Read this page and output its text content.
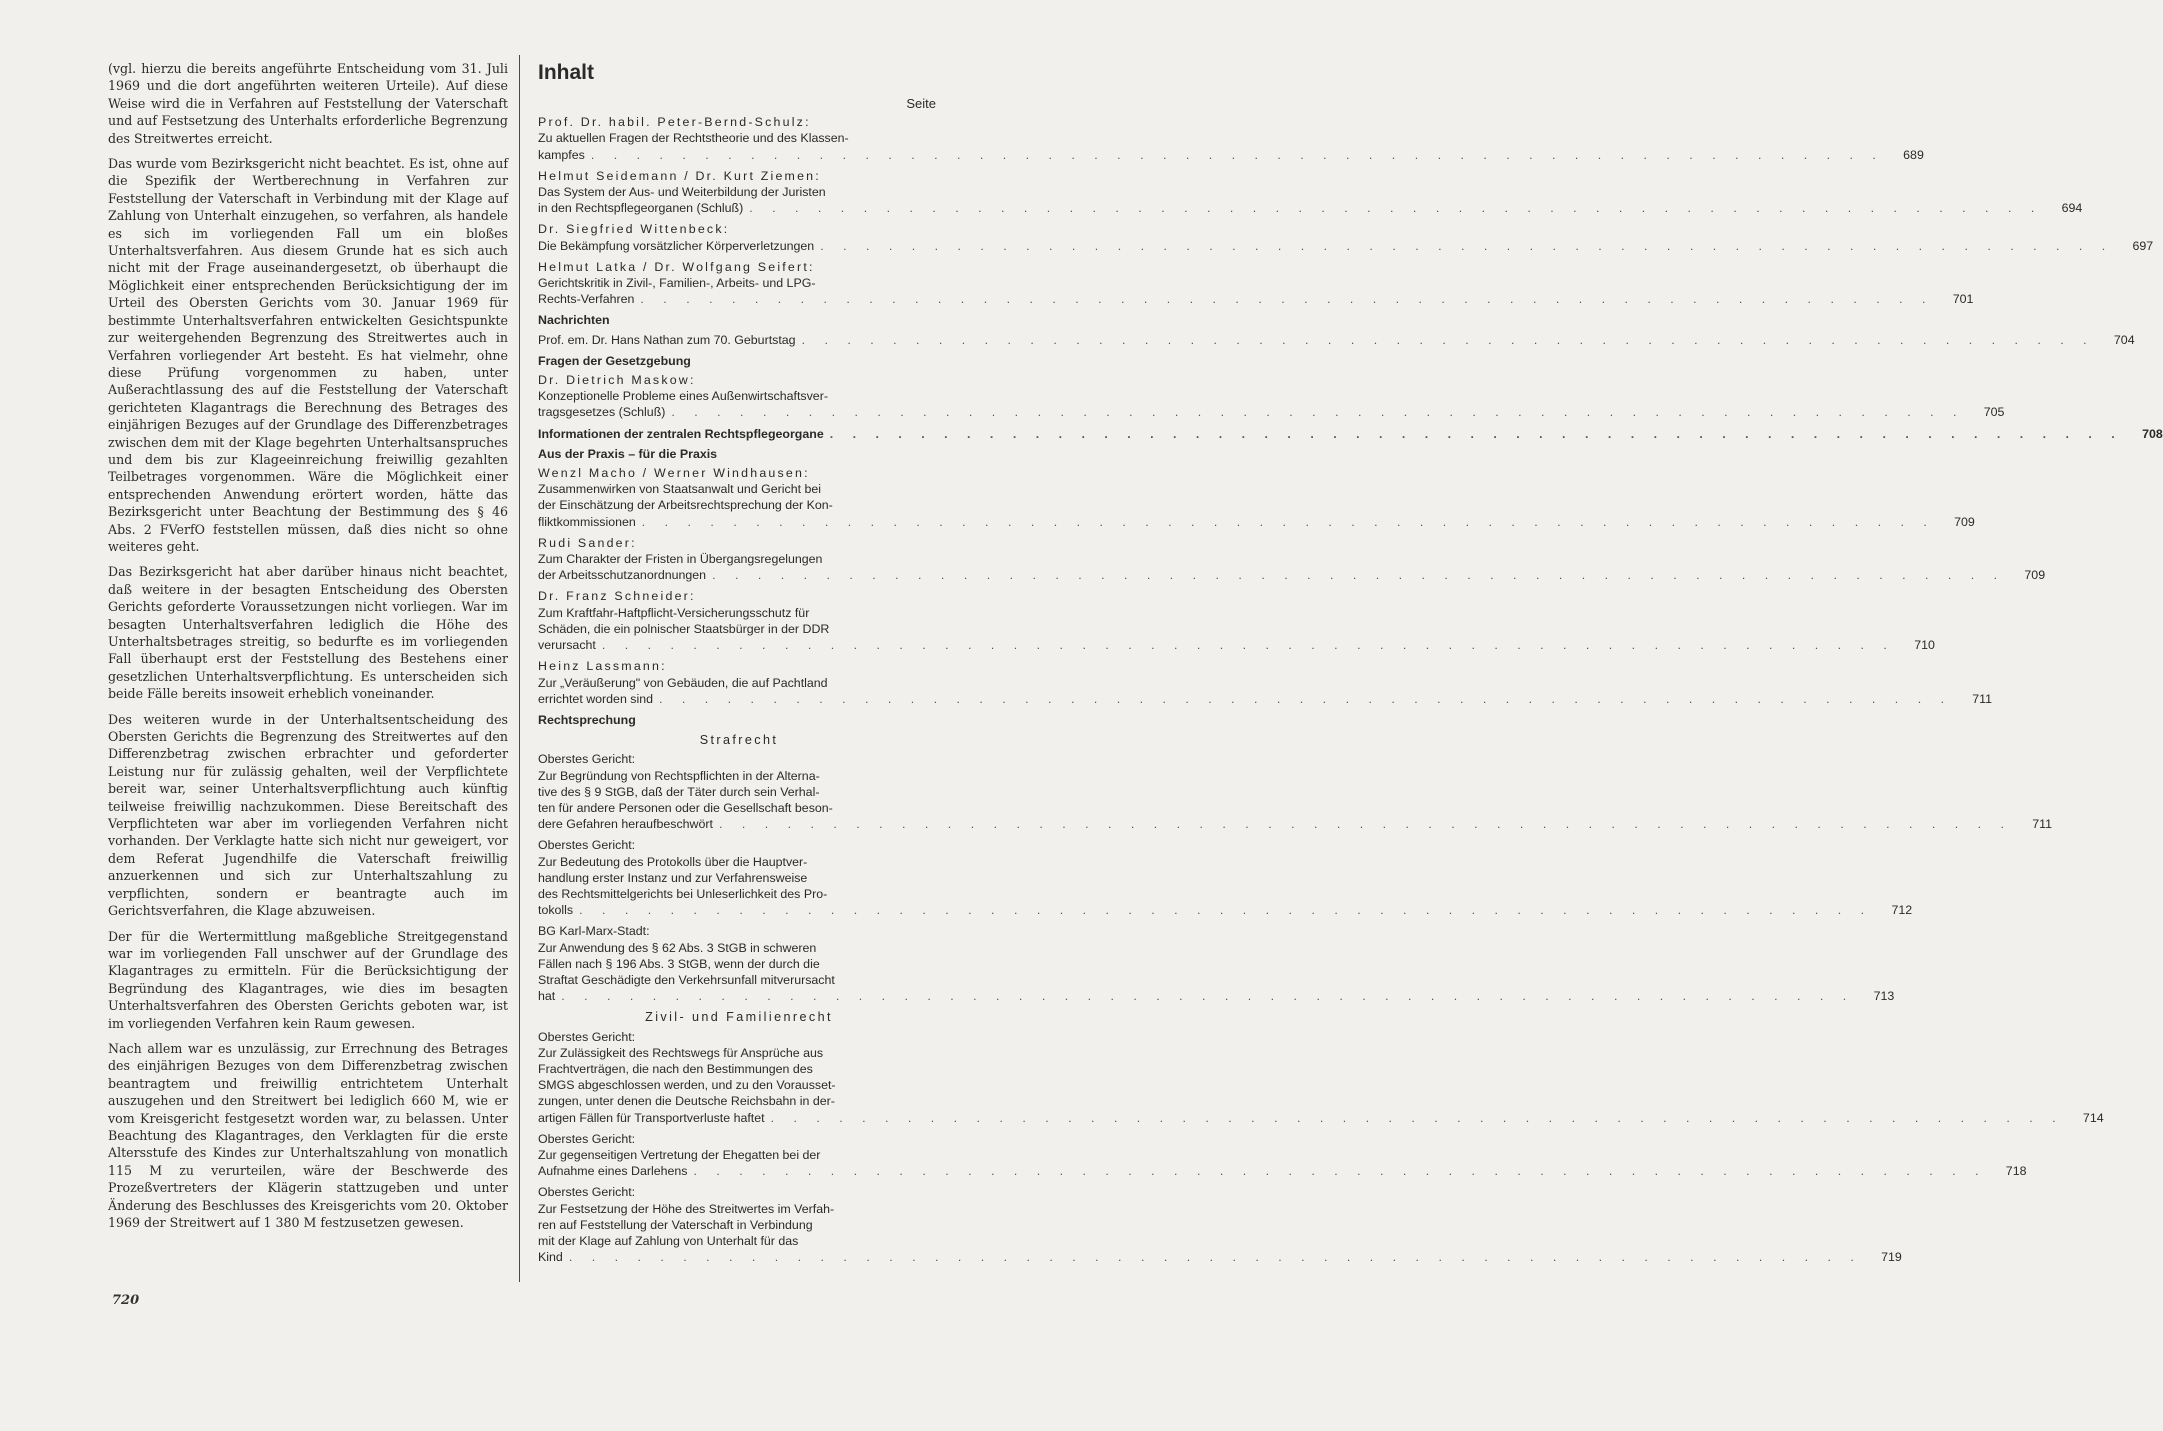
(vgl. hierzu die bereits angeführte Entscheidung vom 31. Juli 1969 und die dort angeführten weiteren Urteile). Auf diese Weise wird die in Verfahren auf Feststellung der Vaterschaft und auf Festsetzung des Unterhalts erforderliche Begrenzung des Streitwertes erreicht.

Das wurde vom Bezirksgericht nicht beachtet. Es ist, ohne auf die Spezifik der Wertberechnung in Verfahren zur Feststellung der Vaterschaft in Verbindung mit der Klage auf Zahlung von Unterhalt einzugehen, so verfahren, als handele es sich im vorliegenden Fall um ein bloßes Unterhaltsverfahren. Aus diesem Grunde hat es sich auch nicht mit der Frage auseinandergesetzt, ob überhaupt die Möglichkeit einer entsprechenden Berücksichtigung der im Urteil des Obersten Gerichts vom 30. Januar 1969 für bestimmte Unterhaltsverfahren entwickelten Gesichtspunkte zur weitergehenden Begrenzung des Streitwertes auch in Verfahren vorliegender Art besteht. Es hat vielmehr, ohne diese Prüfung vorgenommen zu haben, unter Außerachtlassung des auf die Feststellung der Vaterschaft gerichteten Klagantrags die Berechnung des Betrages des einjährigen Bezuges auf der Grundlage des Differenzbetrages zwischen dem mit der Klage begehrten Unterhaltsanspruches und dem bis zur Klageeinreichung freiwillig gezahlten Teilbetrages vorgenommen. Wäre die Möglichkeit einer entsprechenden Anwendung erörtert worden, hätte das Bezirksgericht unter Beachtung der Bestimmung des § 46 Abs. 2 FVerfO feststellen müssen, daß dies nicht so ohne weiteres geht.

Das Bezirksgericht hat aber darüber hinaus nicht beachtet, daß weitere in der besagten Entscheidung des Obersten Gerichts geforderte Voraussetzungen nicht vorliegen. War im besagten Unterhaltsverfahren lediglich die Höhe des Unterhaltsbetrages streitig, so bedurfte es im vorliegenden Fall überhaupt erst der Feststellung des Bestehens einer gesetzlichen Unterhaltsverpflichtung. Es unterscheiden sich beide Fälle bereits insoweit erheblich voneinander.

Des weiteren wurde in der Unterhaltsentscheidung des Obersten Gerichts die Begrenzung des Streitwertes auf den Differenzbetrag zwischen erbrachter und geforderter Leistung nur für zulässig gehalten, weil der Verpflichtete bereit war, seiner Unterhaltsverpflichtung auch künftig teilweise freiwillig nachzukommen. Diese Bereitschaft des Verpflichteten war aber im vorliegenden Verfahren nicht vorhanden. Der Verklagte hatte sich nicht nur geweigert, vor dem Referat Jugendhilfe die Vaterschaft freiwillig anzuerkennen und sich zur Unterhaltszahlung zu verpflichten, sondern er beantragte auch im Gerichtsverfahren, die Klage abzuweisen.

Der für die Wertermittlung maßgebliche Streitgegenstand war im vorliegenden Fall unschwer auf der Grundlage des Klagantrages zu ermitteln. Für die Berücksichtigung der Begründung des Klagantrages, wie dies im besagten Unterhaltsverfahren des Obersten Gerichts geboten war, ist im vorliegenden Verfahren kein Raum gewesen.

Nach allem war es unzulässig, zur Errechnung des Betrages des einjährigen Bezuges von dem Differenzbetrag zwischen beantragtem und freiwillig entrichtetem Unterhalt auszugehen und den Streitwert bei lediglich 660 M, wie er vom Kreisgericht festgesetzt worden war, zu belassen. Unter Beachtung des Klagantrages, den Verklagten für die erste Altersstufe des Kindes zur Unterhaltszahlung von monatlich 115 M zu verurteilen, wäre der Beschwerde des Prozeßvertreters der Klägerin stattzugeben und unter Änderung des Beschlusses des Kreisgerichts vom 20. Oktober 1969 der Streitwert auf 1 380 M festzusetzen gewesen.

720
Inhalt
Seite
Prof. Dr. habil. Peter-Bernd-Schulz:
Zu aktuellen Fragen der Rechtstheorie und des Klassen-
kampfes . . . . . . . . . . . . . . . . . . . . . . . . . . . . . . . . . . . . . . . . . . . . . . . . . . . . . . . . .	689
Helmut Seidemann / Dr. Kurt Ziemen:
Das System der Aus- und Weiterbildung der Juristen
in den Rechtspflegeorganen (Schluß) . . . . . . . . . . . . . . . . . . . . . . . . . . . . . . . . . . . . . . . . . . . . . . . . . . . . . . . . .	694
Dr. Siegfried Wittenbeck:
Die Bekämpfung vorsätzlicher Körperverletzungen . . . . . . . . . . . . . . . . . . . . . . . . . . . . . . . . . . . . . . . . . . . . . . . . . . . . . . . . .	697
Helmut Latka / Dr. Wolfgang Seifert:
Gerichtskritik in Zivil-, Familien-, Arbeits- und LPG-
Rechts-Verfahren . . . . . . . . . . . . . . . . . . . . . . . . . . . . . . . . . . . . . . . . . . . . . . . . . . . . . . . . .	701
Nachrichten
Prof. em. Dr. Hans Nathan zum 70. Geburtstag . . . . . . . . . . . . . . . . . . . . . . . . . . . . . . . . . . . . . . . . . . . . . . . . . . . . . . . . .	704
Fragen der Gesetzgebung
Dr. Dietrich Maskow:
Konzeptionelle Probleme eines Außenwirtschaftsver-
tragsgesetzes (Schluß) . . . . . . . . . . . . . . . . . . . . . . . . . . . . . . . . . . . . . . . . . . . . . . . . . . . . . . . . .	705
Informationen der zentralen Rechtspflegeorgane . . . . . . . . . . . . . . . . . . . . . . . . . . . . . . . . . . . . . . . . . . . . . . . . . . . . . . . . .	708
Aus der Praxis – für die Praxis
Wenzl Macho / Werner Windhausen:
Zusammenwirken von Staatsanwalt und Gericht bei
der Einschätzung der Arbeitsrechtsprechung der Kon-
fliktkommissionen . . . . . . . . . . . . . . . . . . . . . . . . . . . . . . . . . . . . . . . . . . . . . . . . . . . . . . . . .	709
Rudi Sander:
Zum Charakter der Fristen in Übergangsregelungen
der Arbeitsschutzanordnungen . . . . . . . . . . . . . . . . . . . . . . . . . . . . . . . . . . . . . . . . . . . . . . . . . . . . . . . . .	709
Dr. Franz Schneider:
Zum Kraftfahr-Haftpflicht-Versicherungsschutz für
Schäden, die ein polnischer Staatsbürger in der DDR
verursacht . . . . . . . . . . . . . . . . . . . . . . . . . . . . . . . . . . . . . . . . . . . . . . . . . . . . . . . . .	710
Heinz Lassmann:
Zur „Veräußerung" von Gebäuden, die auf Pachtland
errichtet worden sind . . . . . . . . . . . . . . . . . . . . . . . . . . . . . . . . . . . . . . . . . . . . . . . . . . . . . . . . .	711
Rechtsprechung
Strafrecht
Oberstes Gericht:
Zur Begründung von Rechtspflichten in der Alterna-
tive des § 9 StGB, daß der Täter durch sein Verhal-
ten für andere Personen oder die Gesellschaft beson-
dere Gefahren heraufbeschwört . . . . . . . . . . . . . . . . . . . . . . . . . . . . . . . . . . . . . . . . . . . . . . . . . . . . . . . . .	711
Oberstes Gericht:
Zur Bedeutung des Protokolls über die Hauptver-
handlung erster Instanz und zur Verfahrensweise
des Rechtsmittelgerichts bei Unleserlichkeit des Pro-
tokolls . . . . . . . . . . . . . . . . . . . . . . . . . . . . . . . . . . . . . . . . . . . . . . . . . . . . . . . . .	712
BG Karl-Marx-Stadt:
Zur Anwendung des § 62 Abs. 3 StGB in schweren
Fällen nach § 196 Abs. 3 StGB, wenn der durch die
Straftat Geschädigte den Verkehrsunfall mitverursacht
hat . . . . . . . . . . . . . . . . . . . . . . . . . . . . . . . . . . . . . . . . . . . . . . . . . . . . . . . . .	713
Zivil- und Familienrecht
Oberstes Gericht:
Zur Zulässigkeit des Rechtswegs für Ansprüche aus
Frachtverträgen, die nach den Bestimmungen des
SMGS abgeschlossen werden, und zu den Vorausset-
zungen, unter denen die Deutsche Reichsbahn in der-
artigen Fällen für Transportverluste haftet . . . . . . . . . . . . . . . . . . . . . . . . . . . . . . . . . . . . . . . . . . . . . . . . . . . . . . . . .	714
Oberstes Gericht:
Zur gegenseitigen Vertretung der Ehegatten bei der
Aufnahme eines Darlehens . . . . . . . . . . . . . . . . . . . . . . . . . . . . . . . . . . . . . . . . . . . . . . . . . . . . . . . . .	718
Oberstes Gericht:
Zur Festsetzung der Höhe des Streitwertes im Verfah-
ren auf Feststellung der Vaterschaft in Verbindung
mit der Klage auf Zahlung von Unterhalt für das
Kind . . . . . . . . . . . . . . . . . . . . . . . . . . . . . . . . . . . . . . . . . . . . . . . . . . . . . . . . .	719
